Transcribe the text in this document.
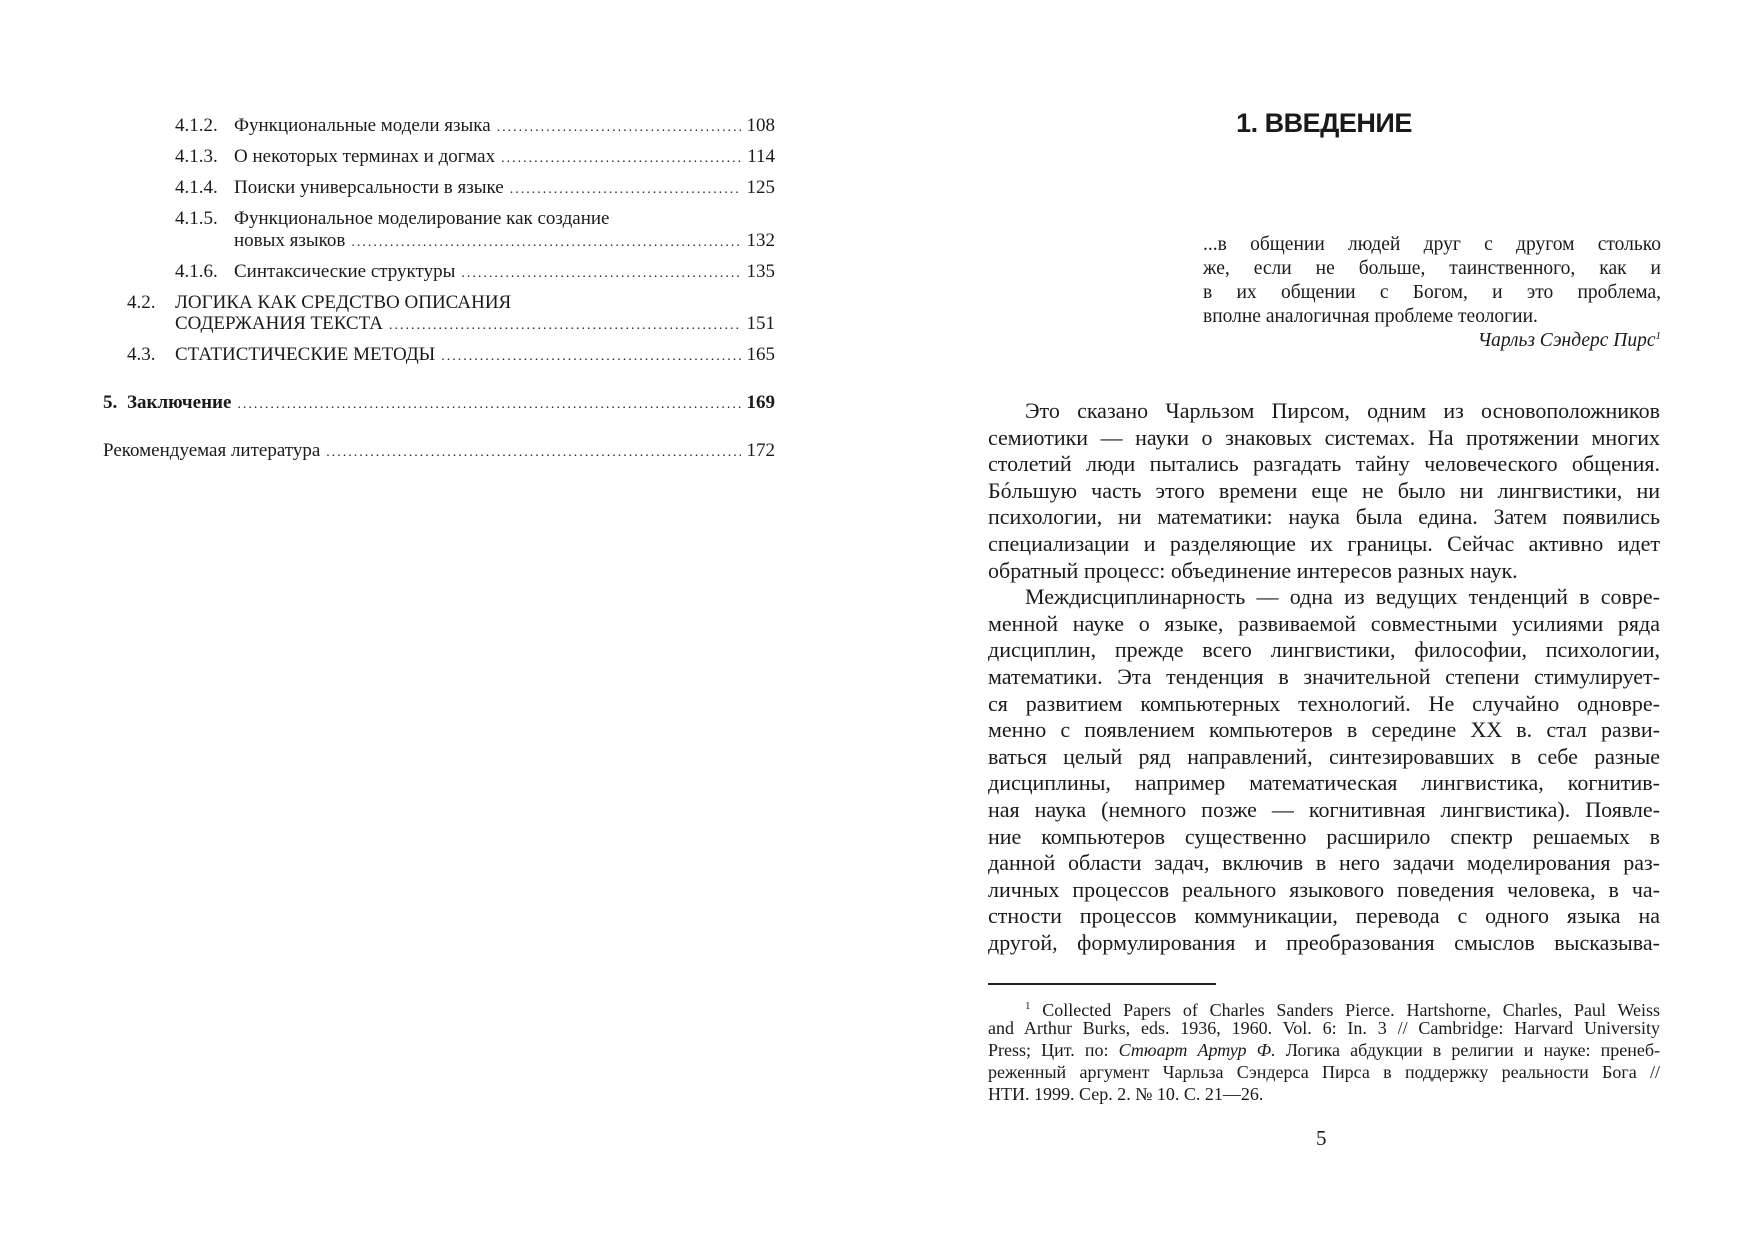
4.1.2. Функциональные модели языка .....	108
4.1.3. О некоторых терминах и догмах .....	114
4.1.4. Поиски универсальности в языке .....	125
4.1.5. Функциональное моделирование как создание
новых языков .....	132
4.1.6. Синтаксические структуры .....	135
4.2. ЛОГИКА КАК СРЕДСТВО ОПИСАНИЯ
СОДЕРЖАНИЯ ТЕКСТА .....	151
4.3. СТАТИСТИЧЕСКИЕ МЕТОДЫ .....	165
5. Заключение .....	169
Рекомендуемая литература .....	172
1. ВВЕДЕНИЕ
...в общении людей друг с другом столько
же, если не больше, таинственного, как и
в их общении с Богом, и это проблема,
вполне аналогичная проблеме теологии.
Чарльз Сэндерс Пирс$^1$
Это сказано Чарльзом Пирсом, одним из основоположников
семиотики — науки о знаковых системах. На протяжении многих
столетий люди пытались разгадать тайну человеческого общения.
Бóльшую часть этого времени еще не было ни лингвистики, ни
психологии, ни математики: наука была едина. Затем появились
специализации и разделяющие их границы. Сейчас активно идет
обратный процесс: объединение интересов разных наук.
Междисциплинарность — одна из ведущих тенденций в совре-
менной науке о языке, развиваемой совместными усилиями ряда
дисциплин, прежде всего лингвистики, философии, психологии,
математики. Эта тенденция в значительной степени стимулирует-
ся развитием компьютерных технологий. Не случайно одновре-
менно с появлением компьютеров в середине XX в. стал разви-
ваться целый ряд направлений, синтезировавших в себе разные
дисциплины, например математическая лингвистика, когнитив-
ная наука (немного позже — когнитивная лингвистика). Появле-
ние компьютеров существенно расширило спектр решаемых в
данной области задач, включив в него задачи моделирования раз-
личных процессов реального языкового поведения человека, в ча-
стности процессов коммуникации, перевода с одного языка на
другой, формулирования и преобразования смыслов высказыва-
$^1$ Collected Papers of Charles Sanders Pierce. Hartshorne, Charles, Paul Weiss
and Arthur Burks, eds. 1936, 1960. Vol. 6: In. 3 // Cambridge: Harvard University
Press; Цит. по: Стюарт Артур Ф. Логика абдукции в религии и науке: пренеб-
реженный аргумент Чарльза Сэндерса Пирса в поддержку реальности Бога //
НТИ. 1999. Сер. 2. № 10. С. 21—26.
5
